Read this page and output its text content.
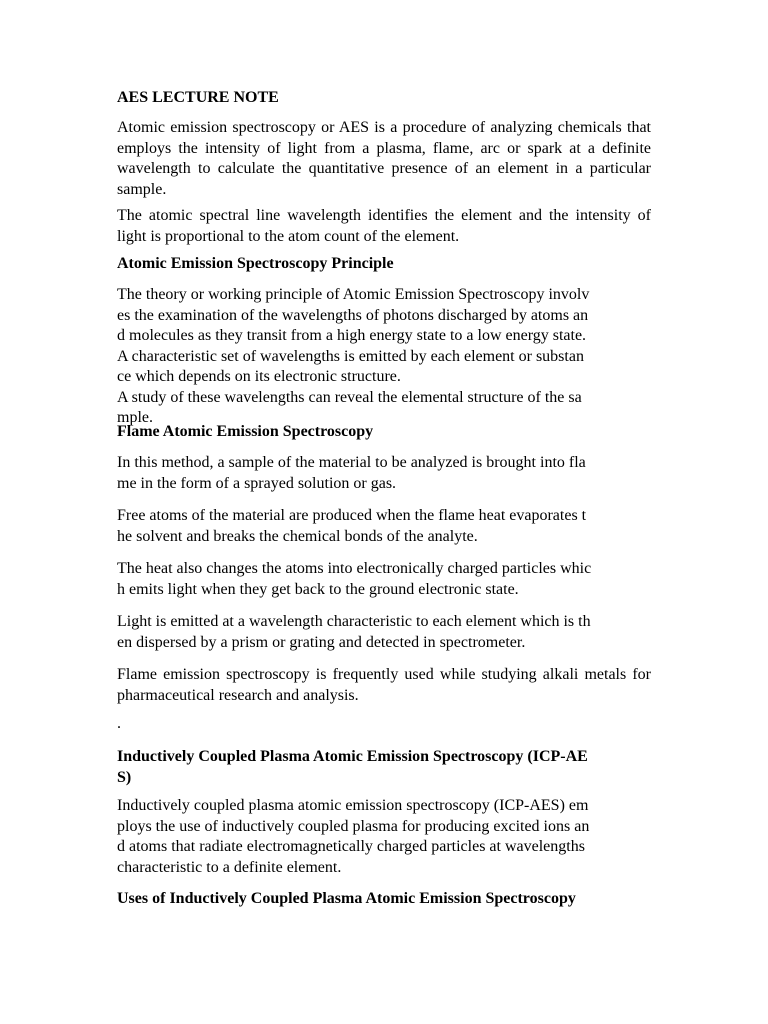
AES LECTURE NOTE

Atomic emission spectroscopy or AES is a procedure of analyzing chemicals that employs the intensity of light from a plasma, flame, arc or spark at a definite wavelength to calculate the quantitative presence of an element in a particular sample.

The atomic spectral line wavelength identifies the element and the intensity of light is proportional to the atom count of the element.

Atomic Emission Spectroscopy Principle

The theory or working principle of Atomic Emission Spectroscopy involv
es the examination of the wavelengths of photons discharged by atoms an
d molecules as they transit from a high energy state to a low energy state.
A characteristic set of wavelengths is emitted by each element or substan
ce which depends on its electronic structure.
A study of these wavelengths can reveal the elemental structure of the sa
mple.

Flame Atomic Emission Spectroscopy

In this method, a sample of the material to be analyzed is brought into fla
me in the form of a sprayed solution or gas.
Free atoms of the material are produced when the flame heat evaporates t
he solvent and breaks the chemical bonds of the analyte.
The heat also changes the atoms into electronically charged particles whic
h emits light when they get back to the ground electronic state.
Light is emitted at a wavelength characteristic to each element which is th
en dispersed by a prism or grating and detected in spectrometer.

Flame emission spectroscopy is frequently used while studying alkali metals for pharmaceutical research and analysis.

.

Inductively Coupled Plasma Atomic Emission Spectroscopy (ICP-AE
S)
Inductively coupled plasma atomic emission spectroscopy (ICP-AES) em
ploys the use of inductively coupled plasma for producing excited ions an
d atoms that radiate electromagnetically charged particles at wavelengths
characteristic to a definite element.

Uses of Inductively Coupled Plasma Atomic Emission Spectroscopy
